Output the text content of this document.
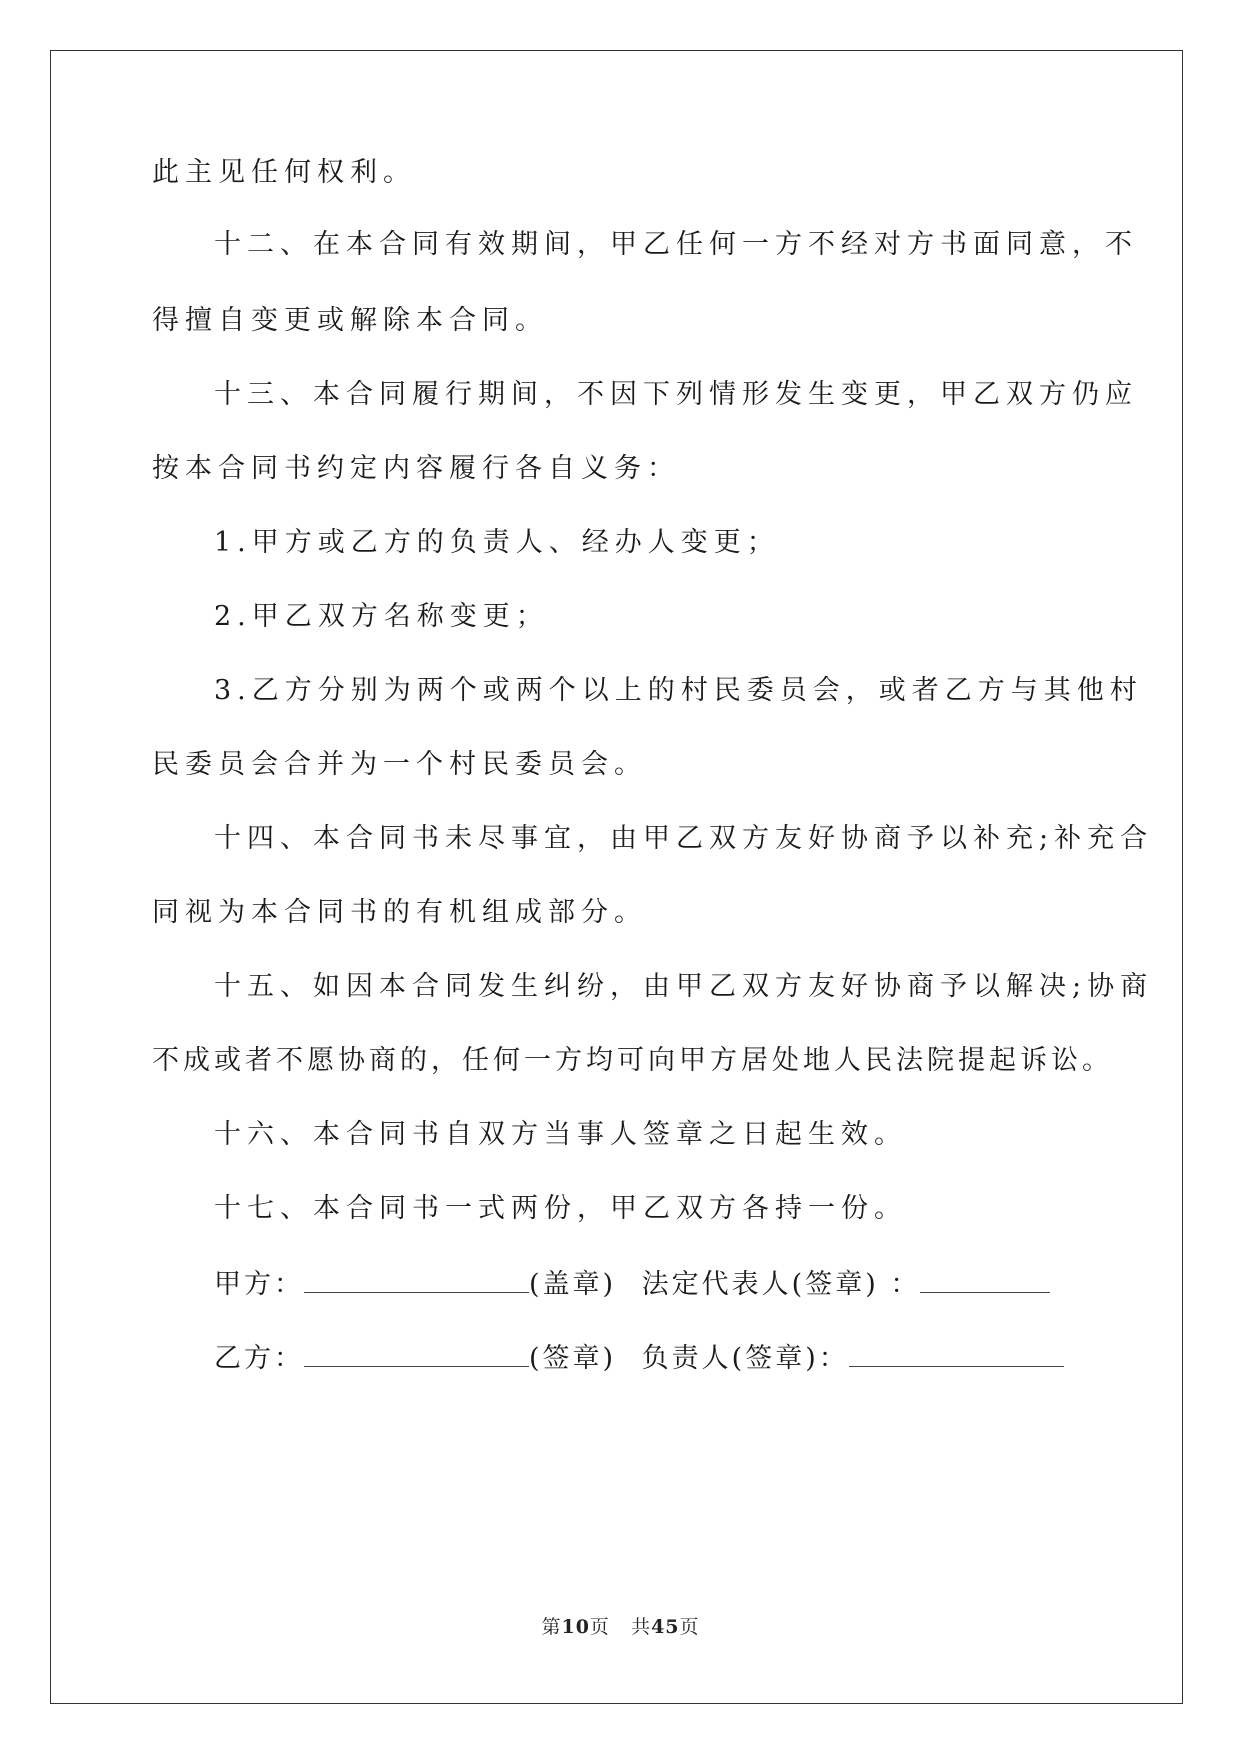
此主见任何权利。
十二、在本合同有效期间，甲乙任何一方不经对方书面同意，不
得擅自变更或解除本合同。
十三、本合同履行期间，不因下列情形发生变更，甲乙双方仍应
按本合同书约定内容履行各自义务：
1.甲方或乙方的负责人、经办人变更；
2.甲乙双方名称变更；
3.乙方分别为两个或两个以上的村民委员会，或者乙方与其他村
民委员会合并为一个村民委员会。
十四、本合同书未尽事宜，由甲乙双方友好协商予以补充;补充合
同视为本合同书的有机组成部分。
十五、如因本合同发生纠纷，由甲乙双方友好协商予以解决;协商
不成或者不愿协商的，任何一方均可向甲方居处地人民法院提起诉讼。
十六、本合同书自双方当事人签章之日起生效。
十七、本合同书一式两份，甲乙双方各持一份。
甲方：	(盖章) 法定代表人(签章) ：
乙方：	(签章) 负责人(签章)：
第10页 共45页
